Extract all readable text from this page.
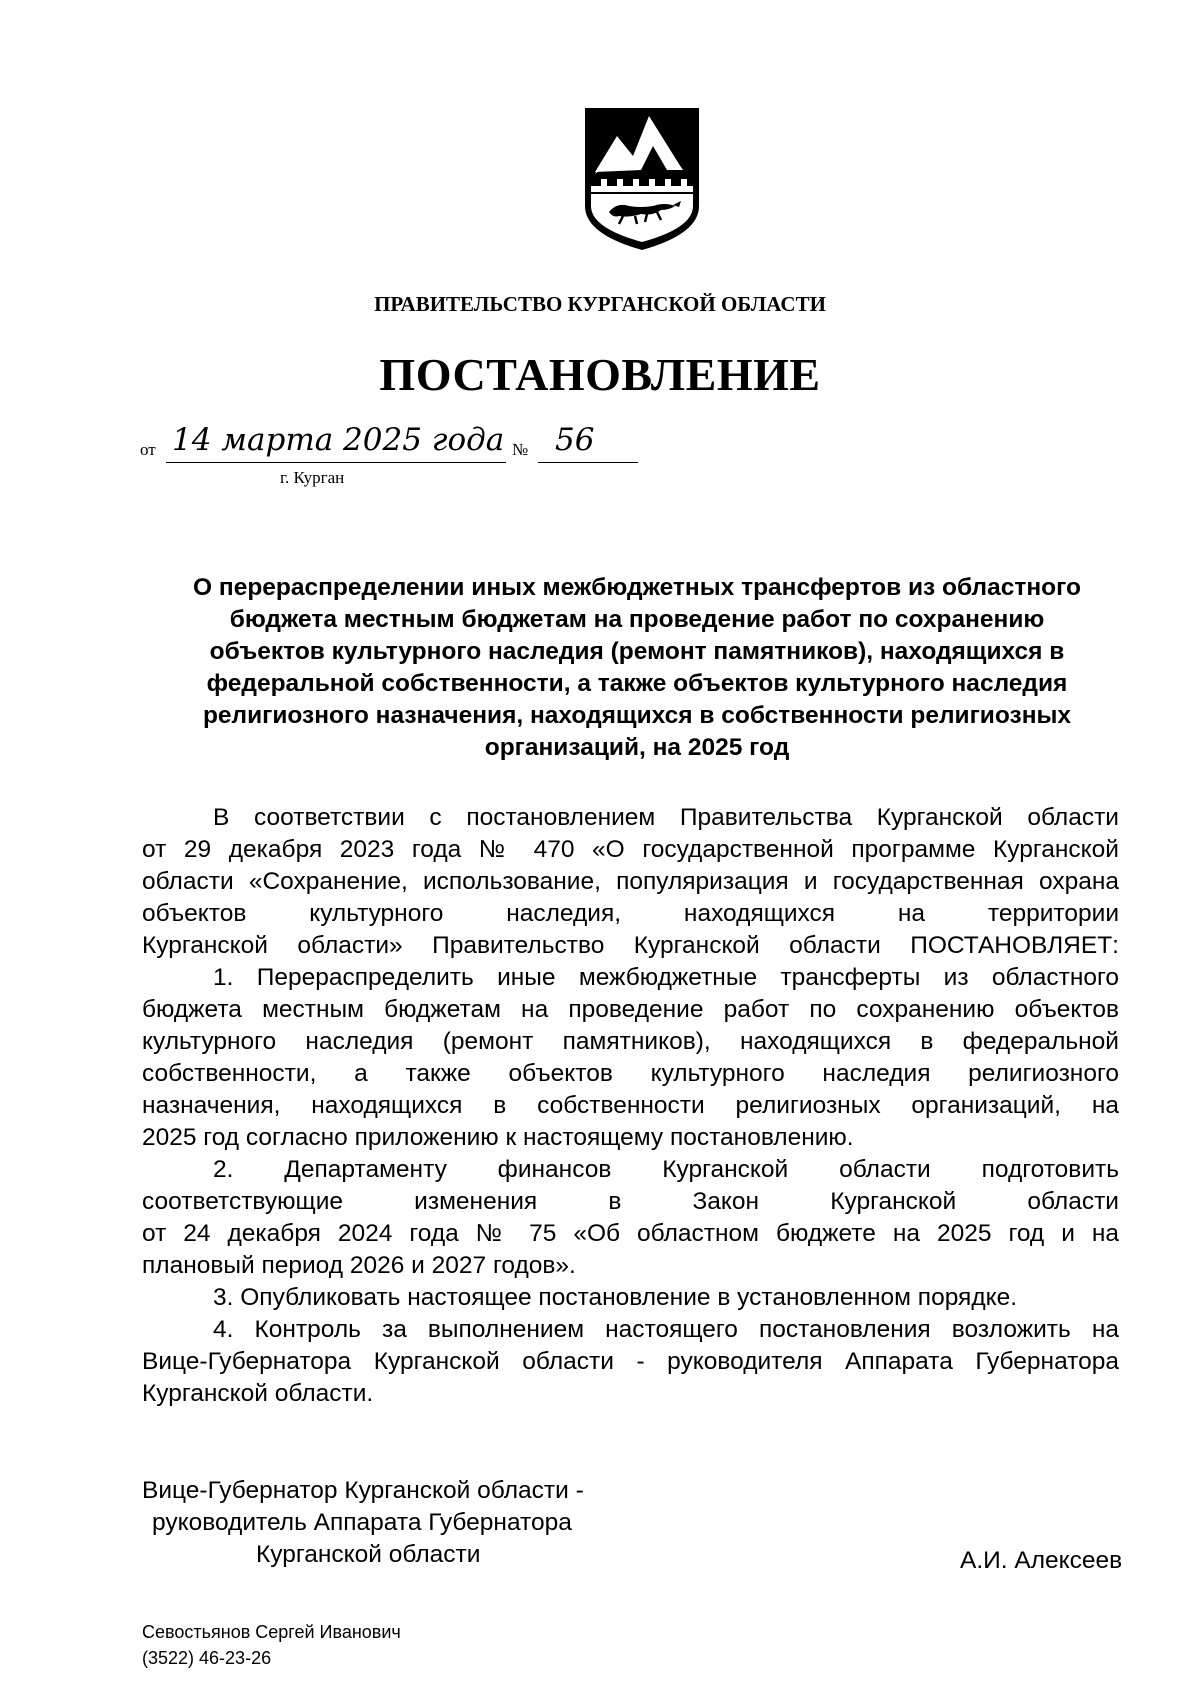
ПРАВИТЕЛЬСТВО КУРГАНСКОЙ ОБЛАСТИ
ПОСТАНОВЛЕНИЕ
от 14 марта 2025 года № 56
г. Курган
О перераспределении иных межбюджетных трансфертов из областного
бюджета местным бюджетам на проведение работ по сохранению
объектов культурного наследия (ремонт памятников), находящихся в
федеральной собственности, а также объектов культурного наследия
религиозного назначения, находящихся в собственности религиозных
организаций, на 2025 год
В соответствии с постановлением Правительства Курганской области
от 29 декабря 2023 года № 470 «О государственной программе Курганской
области «Сохранение, использование, популяризация и государственная охрана
объектов культурного наследия, находящихся на территории
Курганской области» Правительство Курганской области ПОСТАНОВЛЯЕТ:
1. Перераспределить иные межбюджетные трансферты из областного
бюджета местным бюджетам на проведение работ по сохранению объектов
культурного наследия (ремонт памятников), находящихся в федеральной
собственности, а также объектов культурного наследия религиозного
назначения, находящихся в собственности религиозных организаций, на
2025 год согласно приложению к настоящему постановлению.
2. Департаменту финансов Курганской области подготовить
соответствующие изменения в Закон Курганской области
от 24 декабря 2024 года № 75 «Об областном бюджете на 2025 год и на
плановый период 2026 и 2027 годов».
3. Опубликовать настоящее постановление в установленном порядке.
4. Контроль за выполнением настоящего постановления возложить на
Вице-Губернатора Курганской области - руководителя Аппарата Губернатора
Курганской области.
Вице-Губернатор Курганской области -
руководитель Аппарата Губернатора
Курганской области	А.И. Алексеев
Севостьянов Сергей Иванович
(3522) 46-23-26
